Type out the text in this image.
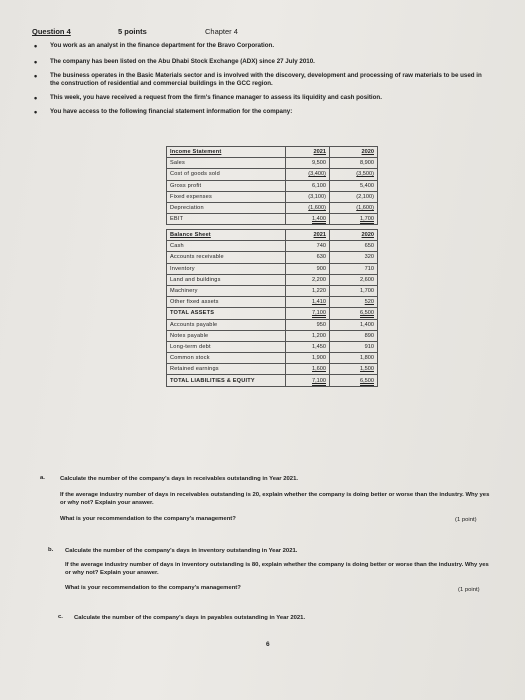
Question 4	5 points	Chapter 4
• You work as an analyst in the finance department for the Bravo Corporation.
• The company has been listed on the Abu Dhabi Stock Exchange (ADX) since 27 July 2010.
• The business operates in the Basic Materials sector and is involved with the discovery, development and processing of raw materials to be used in the construction of residential and commercial buildings in the GCC region.
• This week, you have received a request from the firm's finance manager to assess its liquidity and cash position.
• You have access to the following financial statement information for the company:
Income Statement	2021	2020
Sales	9,500	8,900
Cost of goods sold	(3,400)	(3,500)
Gross profit	6,100	5,400
Fixed expenses	(3,100)	(2,100)
Depreciation	(1,600)	(1,600)
EBIT	1,400	1,700
Balance Sheet	2021	2020
Cash	740	650
Accounts receivable	630	320
Inventory	900	710
Land and buildings	2,200	2,600
Machinery	1,220	1,700
Other fixed assets	1,410	520
TOTAL ASSETS	7,100	6,500
Accounts payable	950	1,400
Notes payable	1,200	890
Long-term debt	1,450	910
Common stock	1,900	1,800
Retained earnings	1,600	1,500
TOTAL LIABILITIES & EQUITY	7,100	6,500
a.	Calculate the number of the company's days in receivables outstanding in Year 2021.
If the average industry number of days in receivables outstanding is 20, explain whether the company is doing better or worse than the industry. Why yes or why not? Explain your answer.
What is your recommendation to the company's management?	(1 point)
b. Calculate the number of the company's days in inventory outstanding in Year 2021.
If the average industry number of days in inventory outstanding is 80, explain whether the company is doing better or worse than the industry. Why yes or why not? Explain your answer.
What is your recommendation to the company's management?	(1 point)
c. Calculate the number of the company's days in payables outstanding in Year 2021.
6
